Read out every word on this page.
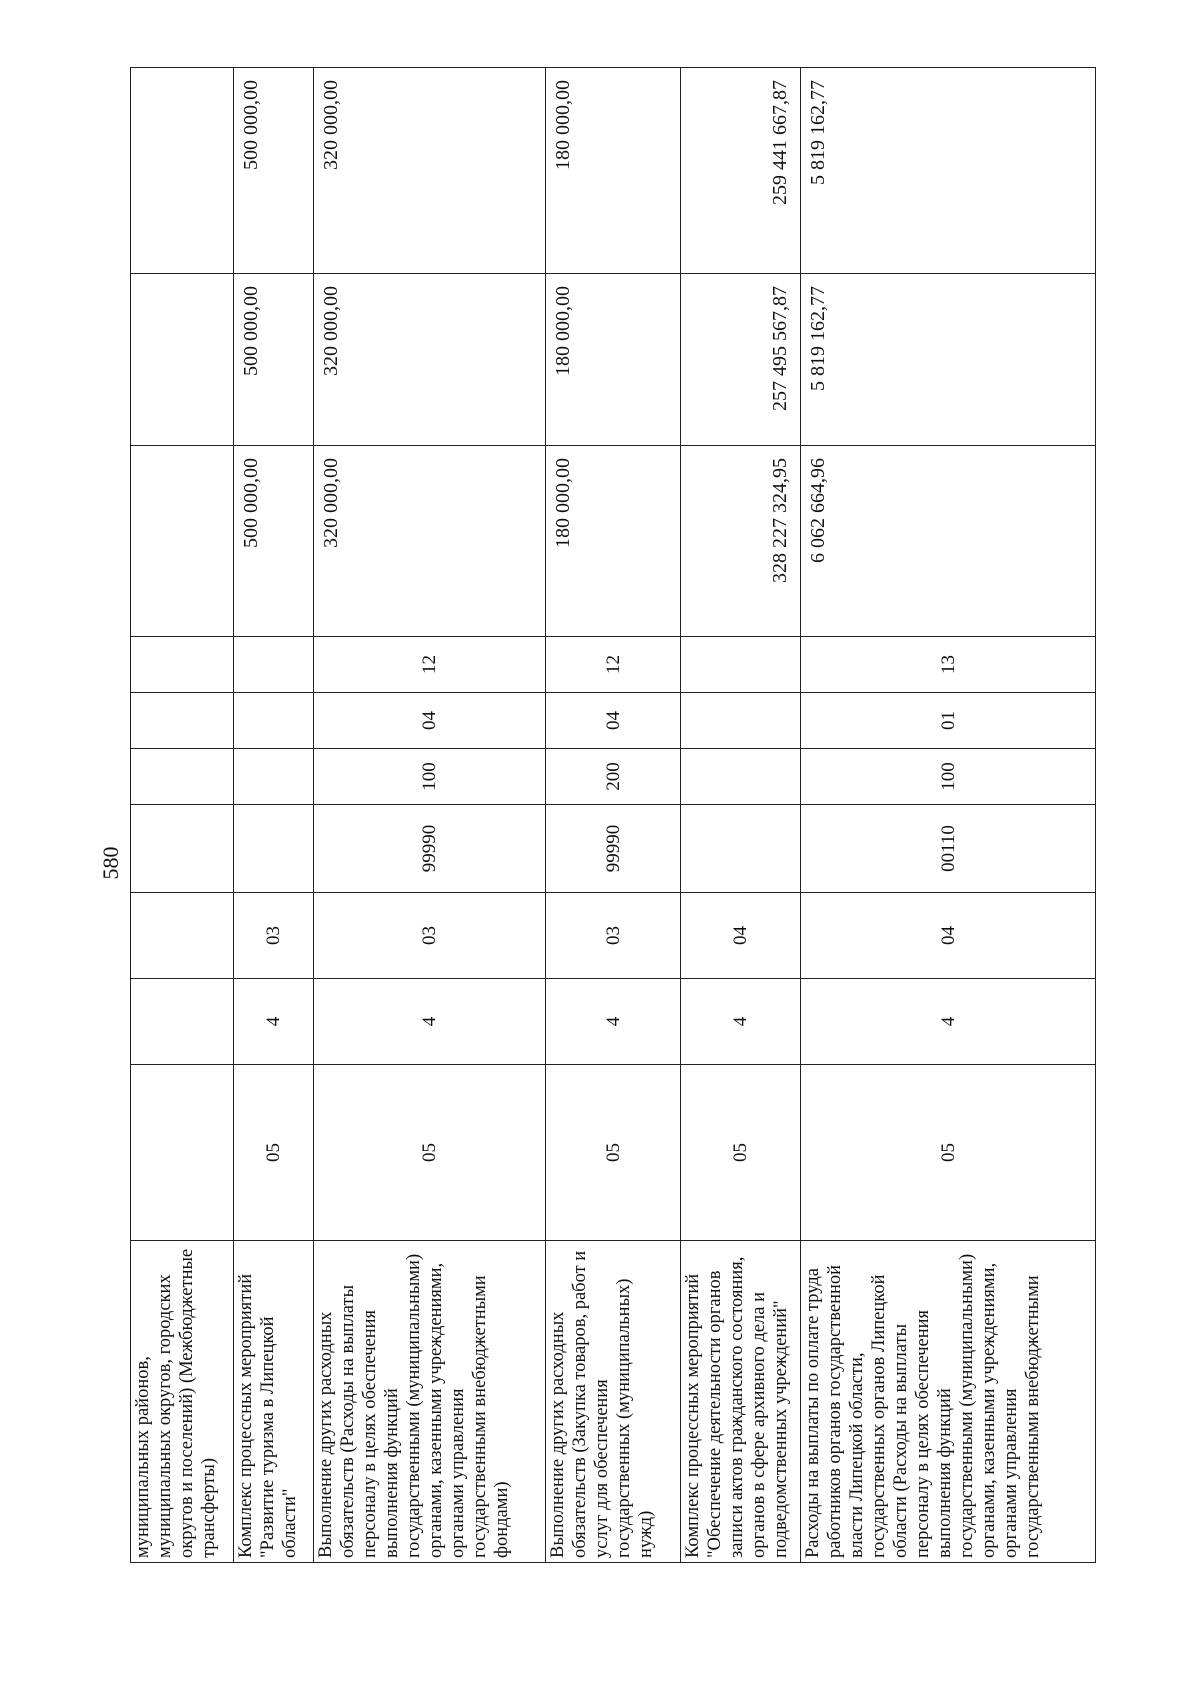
580
муниципальных районов, муниципальных округов, городских округов и поселений) (Межбюджетные трансферты)										
Комплекс процессных мероприятий "Развитие туризма в Липецкой области"	05	4	03					500 000,00	500 000,00	500 000,00
Выполнение других расходных обязательств (Расходы на выплаты персоналу в целях обеспечения выполнения функций государственными (муниципальными) органами, казенными учреждениями, органами управления государственными внебюджетными фондами)	05	4	03	99990	100	04	12	320 000,00	320 000,00	320 000,00
Выполнение других расходных обязательств (Закупка товаров, работ и услуг для обеспечения государственных (муниципальных) нужд)	05	4	03	99990	200	04	12	180 000,00	180 000,00	180 000,00
Комплекс процессных мероприятий "Обеспечение деятельности органов записи актов гражданского состояния, органов в сфере архивного дела и подведомственных учреждений"	05	4	04					328 227 324,95	257 495 567,87	259 441 667,87
Расходы на выплаты по оплате труда работников органов государственной власти Липецкой области, государственных органов Липецкой области (Расходы на выплаты персоналу в целях обеспечения выполнения функций государственными (муниципальными) органами, казенными учреждениями, органами управления государственными внебюджетными	05	4	04	00110	100	01	13	6 062 664,96	5 819 162,77	5 819 162,77
